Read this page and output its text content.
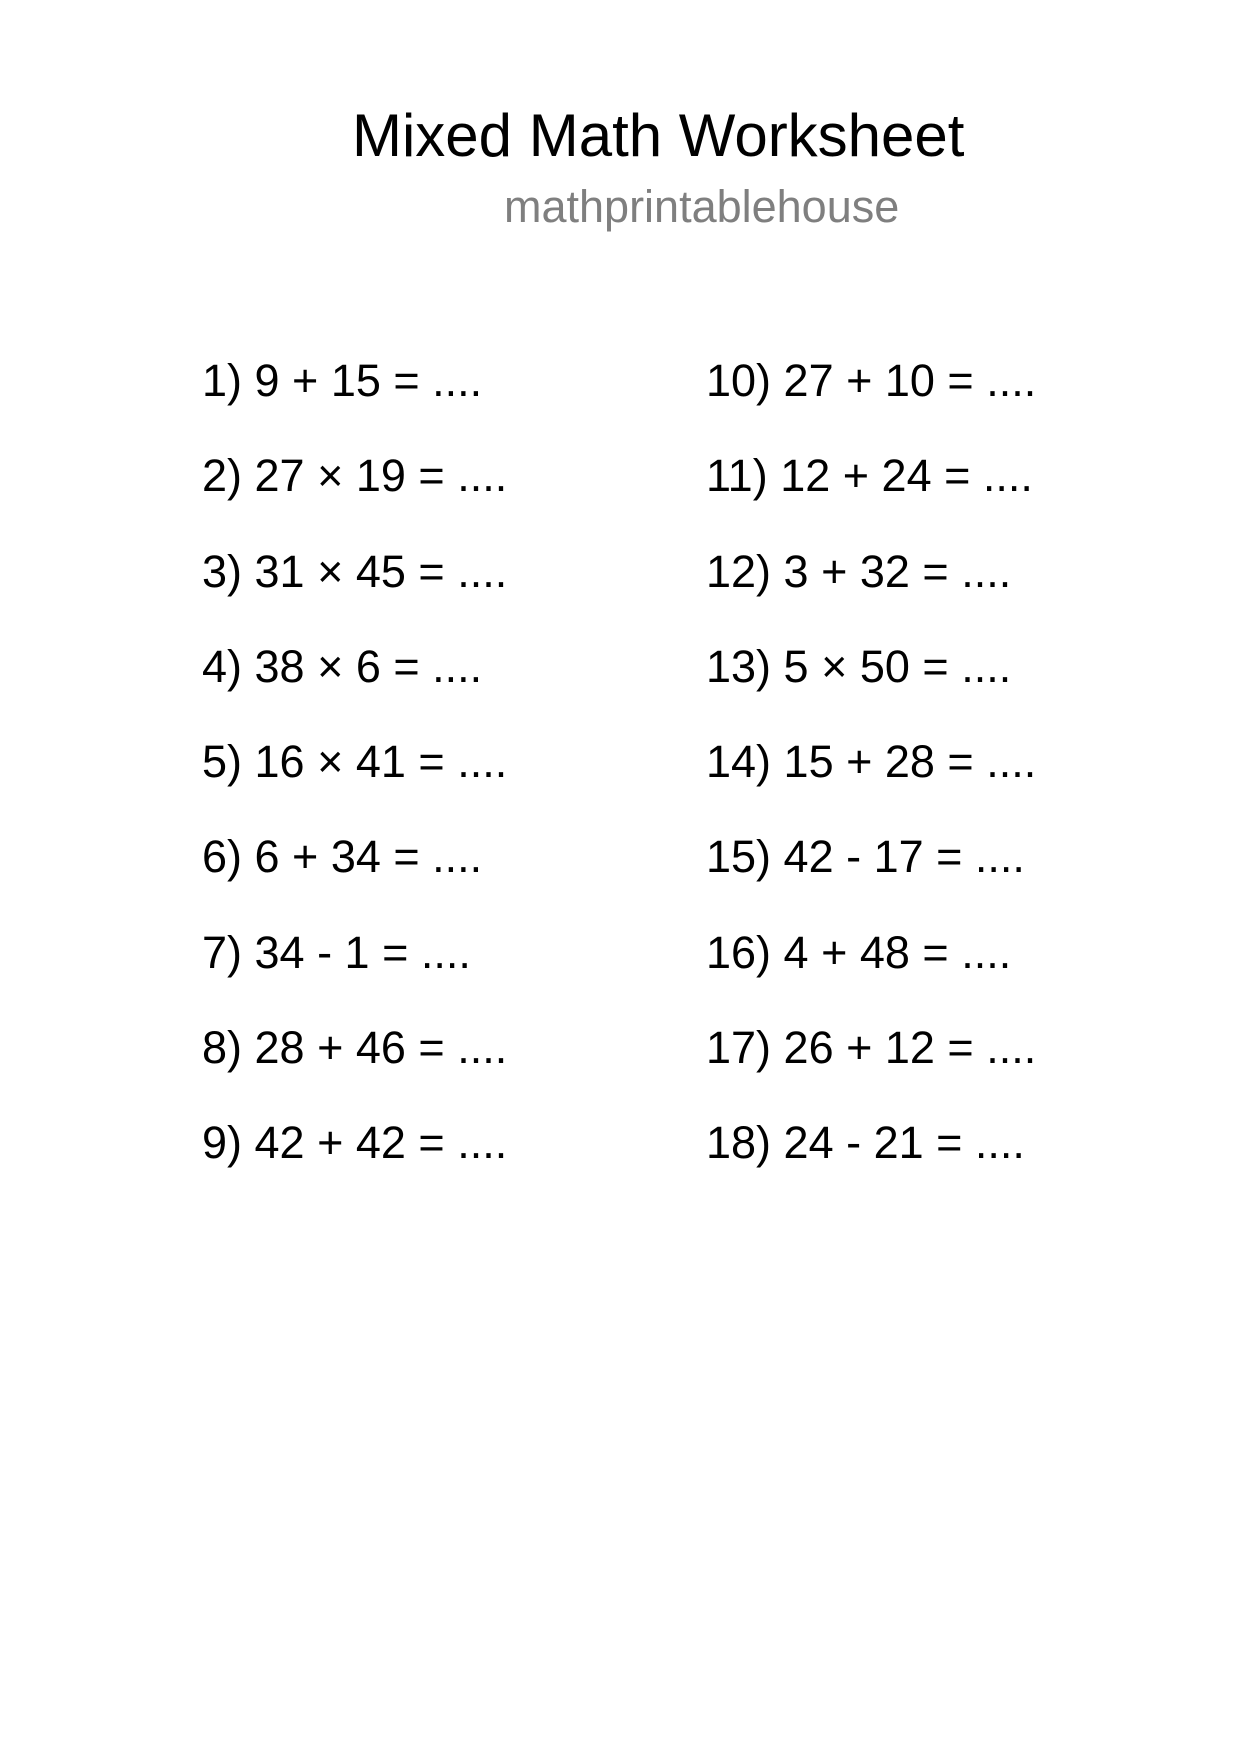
Mixed Math Worksheet
mathprintablehouse
1) 9 + 15 = ....
2) 27 × 19 = ....
3) 31 × 45 = ....
4) 38 × 6 = ....
5) 16 × 41 = ....
6) 6 + 34 = ....
7) 34 - 1 = ....
8) 28 + 46 = ....
9) 42 + 42 = ....
10) 27 + 10 = ....
11) 12 + 24 = ....
12) 3 + 32 = ....
13) 5 × 50 = ....
14) 15 + 28 = ....
15) 42 - 17 = ....
16) 4 + 48 = ....
17) 26 + 12 = ....
18) 24 - 21 = ....
